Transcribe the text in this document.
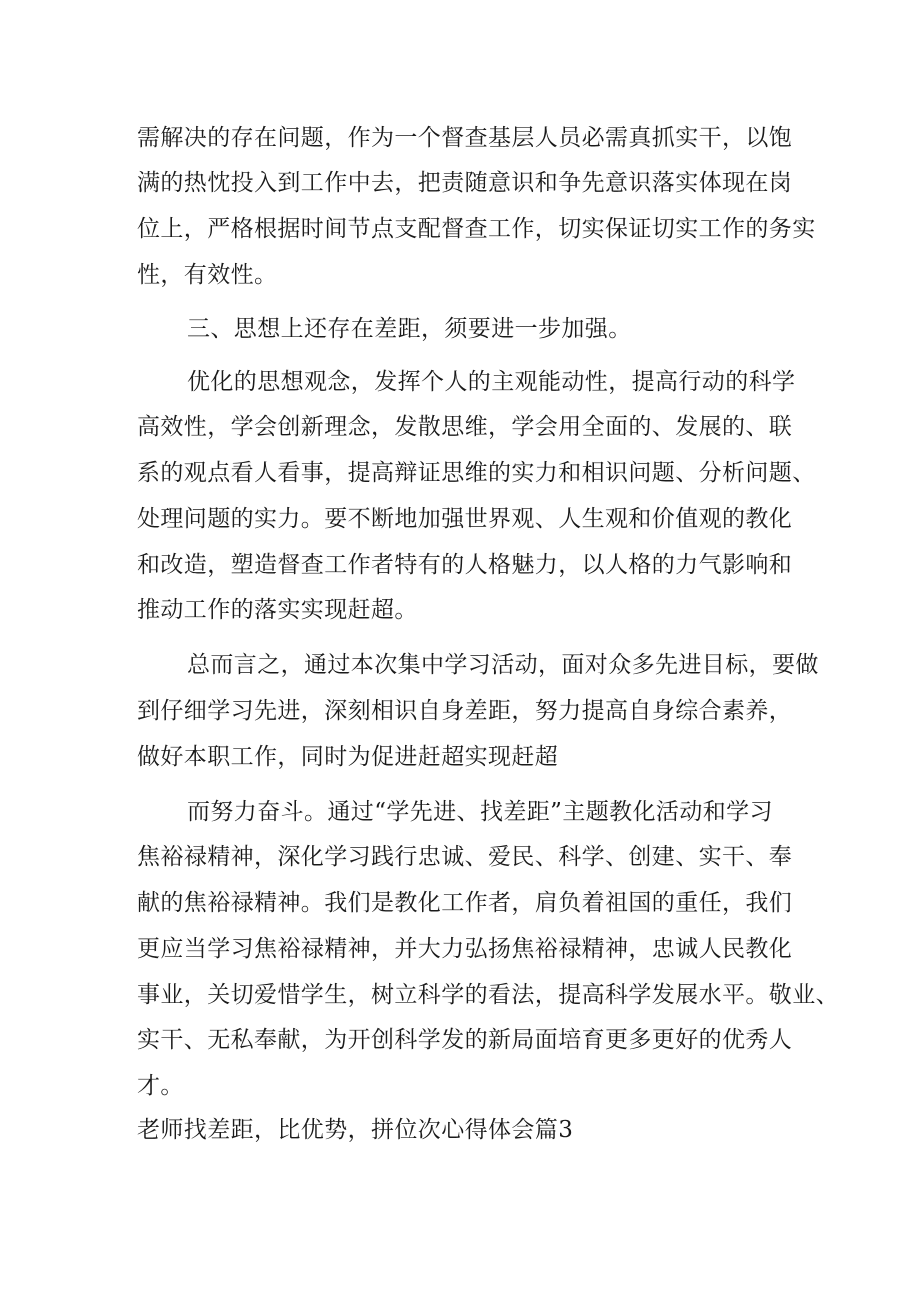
需解决的存在问题，作为一个督查基层人员必需真抓实干，以饱
满的热忱投入到工作中去，把责随意识和争先意识落实体现在岗
位上，严格根据时间节点支配督查工作，切实保证切实工作的务实
性，有效性。
三、思想上还存在差距，须要进一步加强。
优化的思想观念，发挥个人的主观能动性，提高行动的科学
高效性，学会创新理念，发散思维，学会用全面的、发展的、联
系的观点看人看事，提高辩证思维的实力和相识问题、分析问题、
处理问题的实力。要不断地加强世界观、人生观和价值观的教化
和改造，塑造督查工作者特有的人格魅力，以人格的力气影响和
推动工作的落实实现赶超。
总而言之，通过本次集中学习活动，面对众多先进目标，要做
到仔细学习先进，深刻相识自身差距，努力提高自身综合素养，
做好本职工作，同时为促进赶超实现赶超
而努力奋斗。通过“学先进、找差距”主题教化活动和学习
焦裕禄精神，深化学习践行忠诚、爱民、科学、创建、实干、奉
献的焦裕禄精神。我们是教化工作者，肩负着祖国的重任，我们
更应当学习焦裕禄精神，并大力弘扬焦裕禄精神，忠诚人民教化
事业，关切爱惜学生，树立科学的看法，提高科学发展水平。敬业、
实干、无私奉献，为开创科学发的新局面培育更多更好的优秀人
才。
老师找差距，比优势，拼位次心得体会篇3
